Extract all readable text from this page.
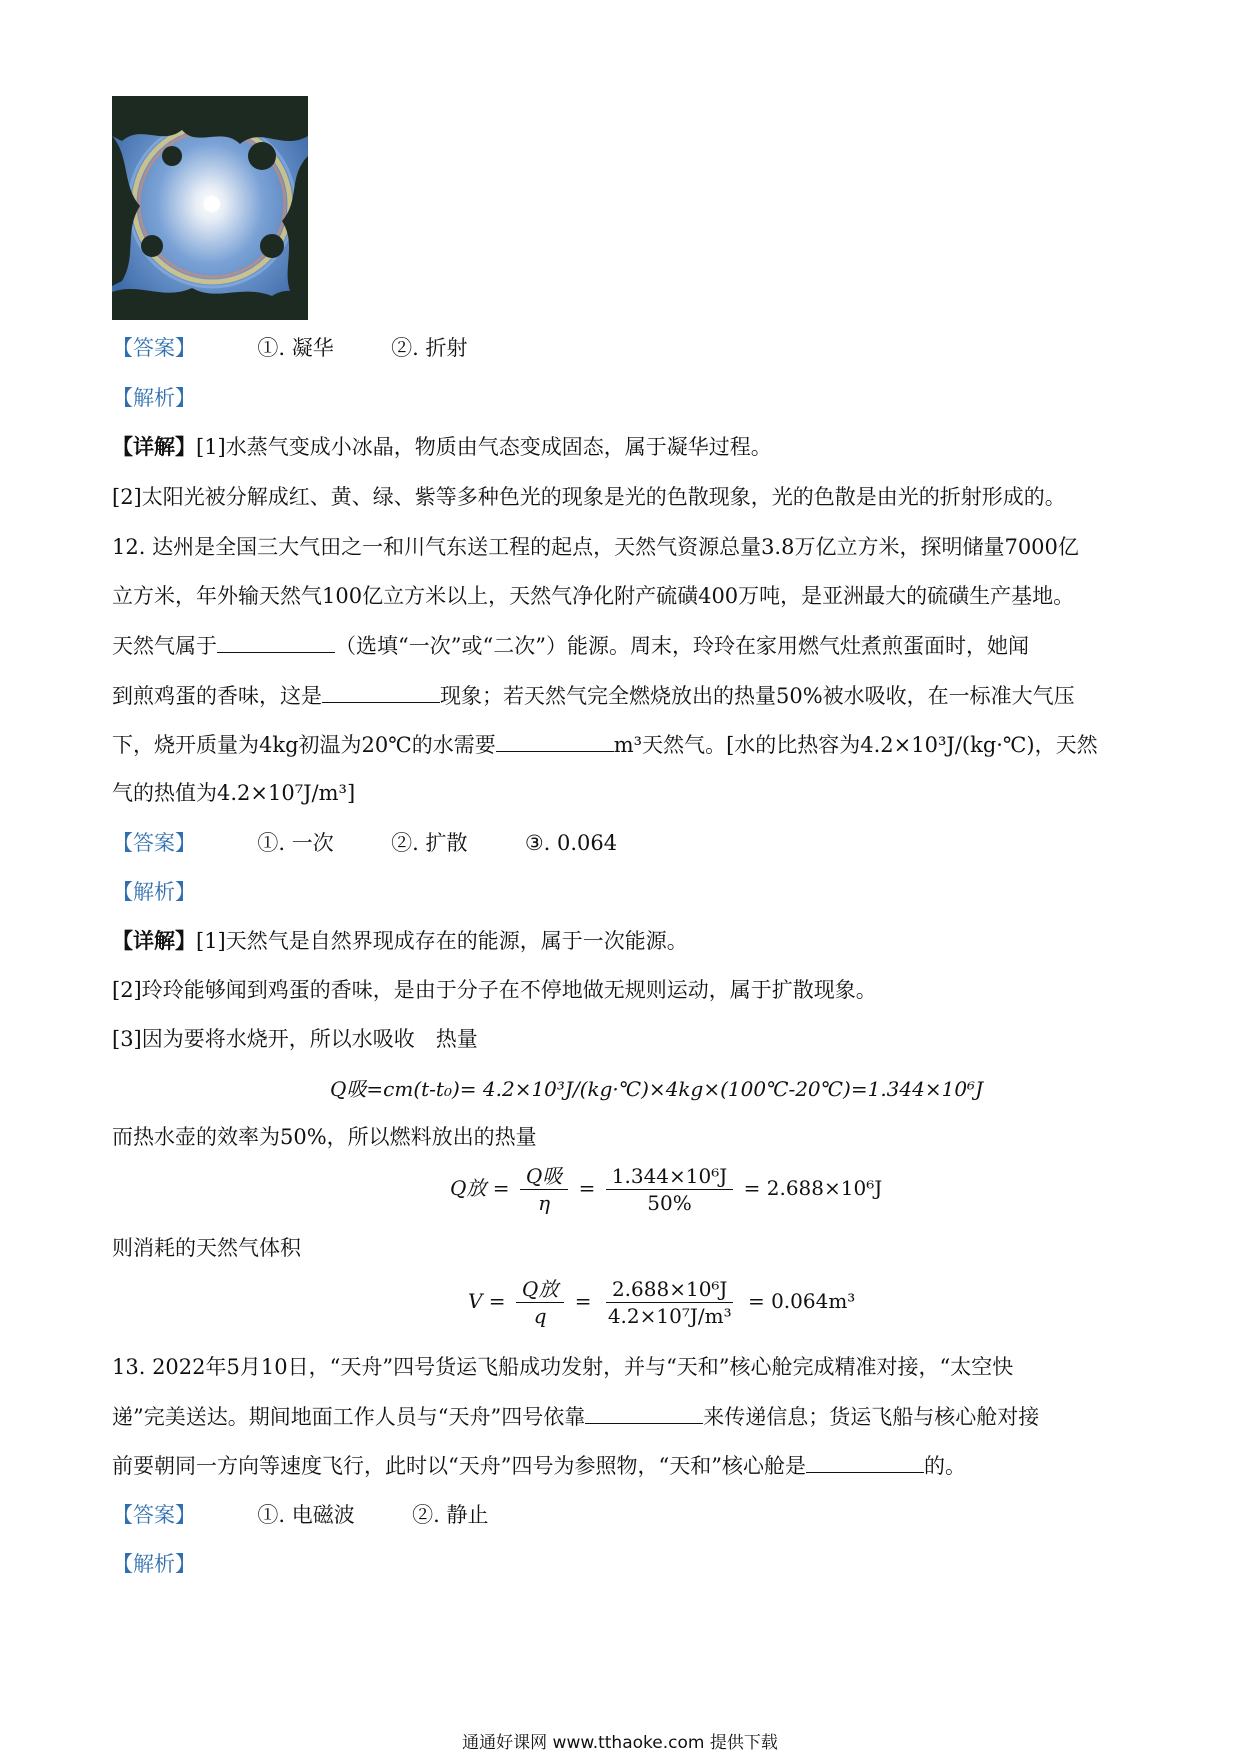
【答案】	①. 凝华	②. 折射
【解析】
【详解】[1]水蒸气变成小冰晶，物质由气态变成固态，属于凝华过程。
[2]太阳光被分解成红、黄、绿、紫等多种色光的现象是光的色散现象，光的色散是由光的折射形成的。
12. 达州是全国三大气田之一和川气东送工程的起点，天然气资源总量3.8万亿立方米，探明储量7000亿
立方米，年外输天然气100亿立方米以上，天然气净化附产硫磺400万吨，是亚洲最大的硫磺生产基地。
天然气属于	（选填“一次”或“二次”）能源。周末，玲玲在家用燃气灶煮煎蛋面时，她闻
到煎鸡蛋的香味，这是	现象；若天然气完全燃烧放出的热量50%被水吸收，在一标准大气压
下，烧开质量为4kg初温为20℃的水需要	m³天然气。[水的比热容为4.2×10³J/(kg·℃)，天然
气的热值为4.2×10⁷J/m³]
【答案】	①. 一次	②. 扩散	③. 0.064
【解析】
【详解】[1]天然气是自然界现成存在的能源，属于一次能源。
[2]玲玲能够闻到鸡蛋的香味，是由于分子在不停地做无规则运动，属于扩散现象。
[3]因为要将水烧开，所以水吸收　热量
Q吸=cm(t-t₀)= 4.2×10³J/(kg·℃)×4kg×(100℃-20℃)=1.344×10⁶J
而热水壶的效率为50%，所以燃料放出的热量
Q放 = $\frac{\text{Q吸}}{\eta} = \frac{\text{1.344×10⁶J}}{50\%} = 2.688\times 10^6J$
则消耗的天然气体积
$V = \frac{\text{Q放}}{q} = \frac{\text{2.688×10⁶J}}{\text{4.2×10⁷J/m³}} = 0.064m^3$
13. 2022年5月10日，“天舟”四号货运飞船成功发射，并与“天和”核心舱完成精准对接，“太空快
递”完美送达。期间地面工作人员与“天舟”四号依靠	来传递信息；货运飞船与核心舱对接
前要朝同一方向等速度飞行，此时以“天舟”四号为参照物，“天和”核心舱是	的。
【答案】	①. 电磁波	②. 静止
【解析】
通通好课网 www.tthaoke.com 提供下载
